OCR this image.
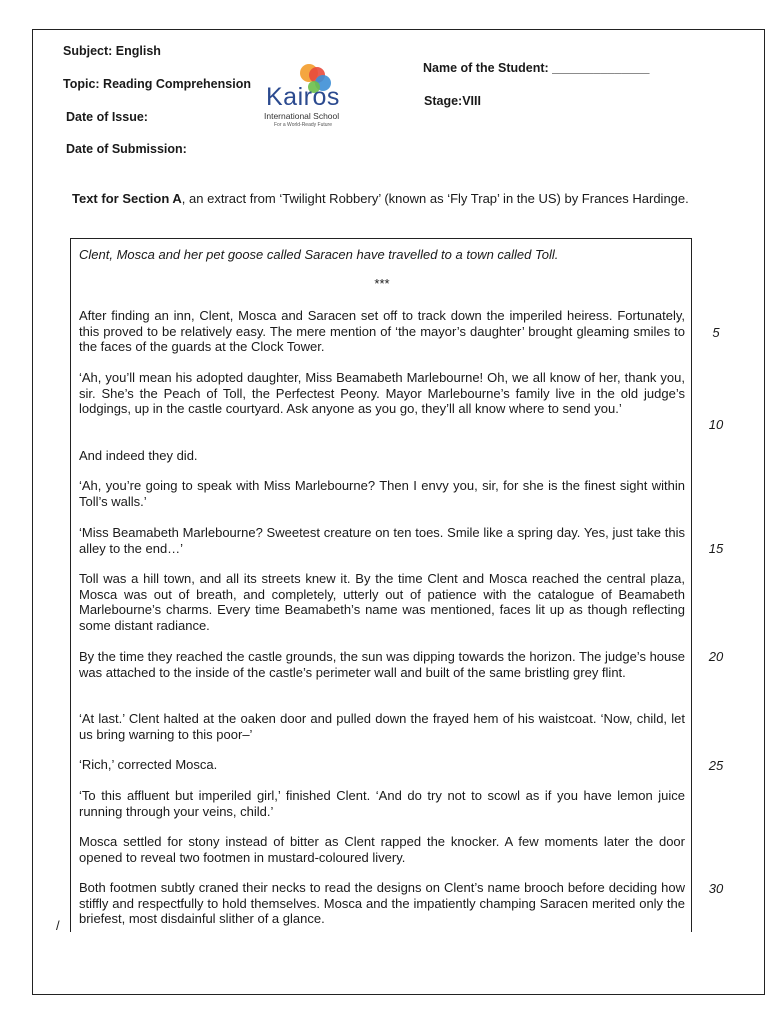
Subject: English
Topic: Reading Comprehension
Date of Issue:
Date of Submission:
Name of the Student: ______________
Stage:VIII
Kairos
International School
For a World-Ready Future
Text for Section A, an extract from ‘Twilight Robbery’ (known as ‘Fly Trap’ in the US) by Frances Hardinge.
Clent, Mosca and her pet goose called Saracen have travelled to a town called Toll.
***
After finding an inn, Clent, Mosca and Saracen set off to track down the imperiled heiress. Fortunately, this proved to be relatively easy. The mere mention of ‘the mayor’s daughter’ brought gleaming smiles to the faces of the guards at the Clock Tower.
‘Ah, you’ll mean his adopted daughter, Miss Beamabeth Marlebourne! Oh, we all know of her, thank you, sir. She’s the Peach of Toll, the Perfectest Peony. Mayor Marlebourne’s family live in the old judge’s lodgings, up in the castle courtyard. Ask anyone as you go, they’ll all know where to send you.’
And indeed they did.
‘Ah, you’re going to speak with Miss Marlebourne? Then I envy you, sir, for she is the finest sight within Toll’s walls.’
‘Miss Beamabeth Marlebourne? Sweetest creature on ten toes. Smile like a spring day. Yes, just take this alley to the end…’
Toll was a hill town, and all its streets knew it. By the time Clent and Mosca reached the central plaza, Mosca was out of breath, and completely, utterly out of patience with the catalogue of Beamabeth Marlebourne’s charms. Every time Beamabeth’s name was mentioned, faces lit up as though reflecting some distant radiance.
By the time they reached the castle grounds, the sun was dipping towards the horizon. The judge’s house was attached to the inside of the castle’s perimeter wall and built of the same bristling grey flint.
‘At last.’ Clent halted at the oaken door and pulled down the frayed hem of his waistcoat. ‘Now, child, let us bring warning to this poor–’
‘Rich,’ corrected Mosca.
‘To this affluent but imperiled girl,’ finished Clent. ‘And do try not to scowl as if you have lemon juice running through your veins, child.’
Mosca settled for stony instead of bitter as Clent rapped the knocker. A few moments later the door opened to reveal two footmen in mustard-coloured livery.
Both footmen subtly craned their necks to read the designs on Clent’s name brooch before deciding how stiffly and respectfully to hold themselves. Mosca and the impatiently champing Saracen merited only the briefest, most disdainful slither of a glance.
5
10
15
20
25
30
/
